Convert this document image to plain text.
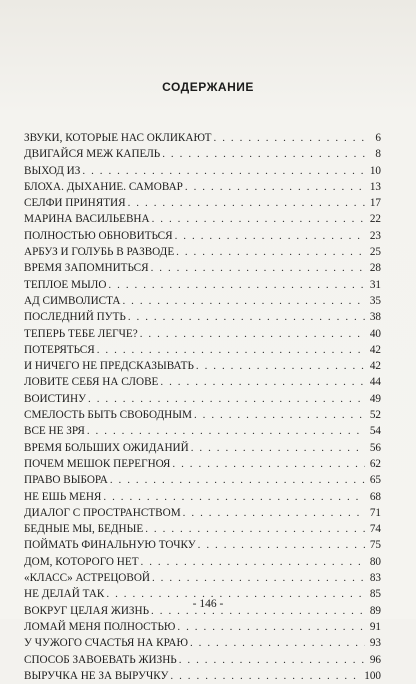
СОДЕРЖАНИЕ
ЗВУКИ, КОТОРЫЕ НАС ОКЛИКАЮТ . . .	6
ДВИГАЙСЯ МЕЖ КАПЕЛЬ . . .	8
ВЫХОД ИЗ . . .	10
БЛОХА. ДЫХАНИЕ. САМОВАР . . .	13
СЕЛФИ ПРИНЯТИЯ . . .	17
МАРИНА ВАСИЛЬЕВНА . . .	22
ПОЛНОСТЬЮ ОБНОВИТЬСЯ . . .	23
АРБУЗ И ГОЛУБЬ В РАЗВОДЕ . . .	25
ВРЕМЯ ЗАПОМНИТЬСЯ . . .	28
ТЕПЛОЕ МЫЛО . . .	31
АД СИМВОЛИСТА . . .	35
ПОСЛЕДНИЙ ПУТЬ . . .	38
ТЕПЕРЬ ТЕБЕ ЛЕГЧЕ? . . .	40
ПОТЕРЯТЬСЯ . . .	42
И НИЧЕГО НЕ ПРЕДСКАЗЫВАТЬ . . .	42
ЛОВИТЕ СЕБЯ НА СЛОВЕ . . .	44
ВОИСТИНУ . . .	49
СМЕЛОСТЬ БЫТЬ СВОБОДНЫМ . . .	52
ВСЕ НЕ ЗРЯ . . .	54
ВРЕМЯ БОЛЬШИХ ОЖИДАНИЙ . . .	56
ПОЧЕМ МЕШОК ПЕРЕГНОЯ . . .	62
ПРАВО ВЫБОРА . . .	65
НЕ ЕШЬ МЕНЯ . . .	68
ДИАЛОГ С ПРОСТРАНСТВОМ . . .	71
БЕДНЫЕ МЫ, БЕДНЫЕ . . .	74
ПОЙМАТЬ ФИНАЛЬНУЮ ТОЧКУ . . .	75
ДОМ, КОТОРОГО НЕТ . . .	80
«КЛАСС» АСТРЕЦОВОЙ . . .	83
НЕ ДЕЛАЙ ТАК . . .	85
ВОКРУГ ЦЕЛАЯ ЖИЗНЬ . . .	89
ЛОМАЙ МЕНЯ ПОЛНОСТЬЮ . . .	91
У ЧУЖОГО СЧАСТЬЯ НА КРАЮ . . .	93
СПОСОБ ЗАВОЕВАТЬ ЖИЗНЬ . . .	96
ВЫРУЧКА НЕ ЗА ВЫРУЧКУ . . .	100
- 146 -
